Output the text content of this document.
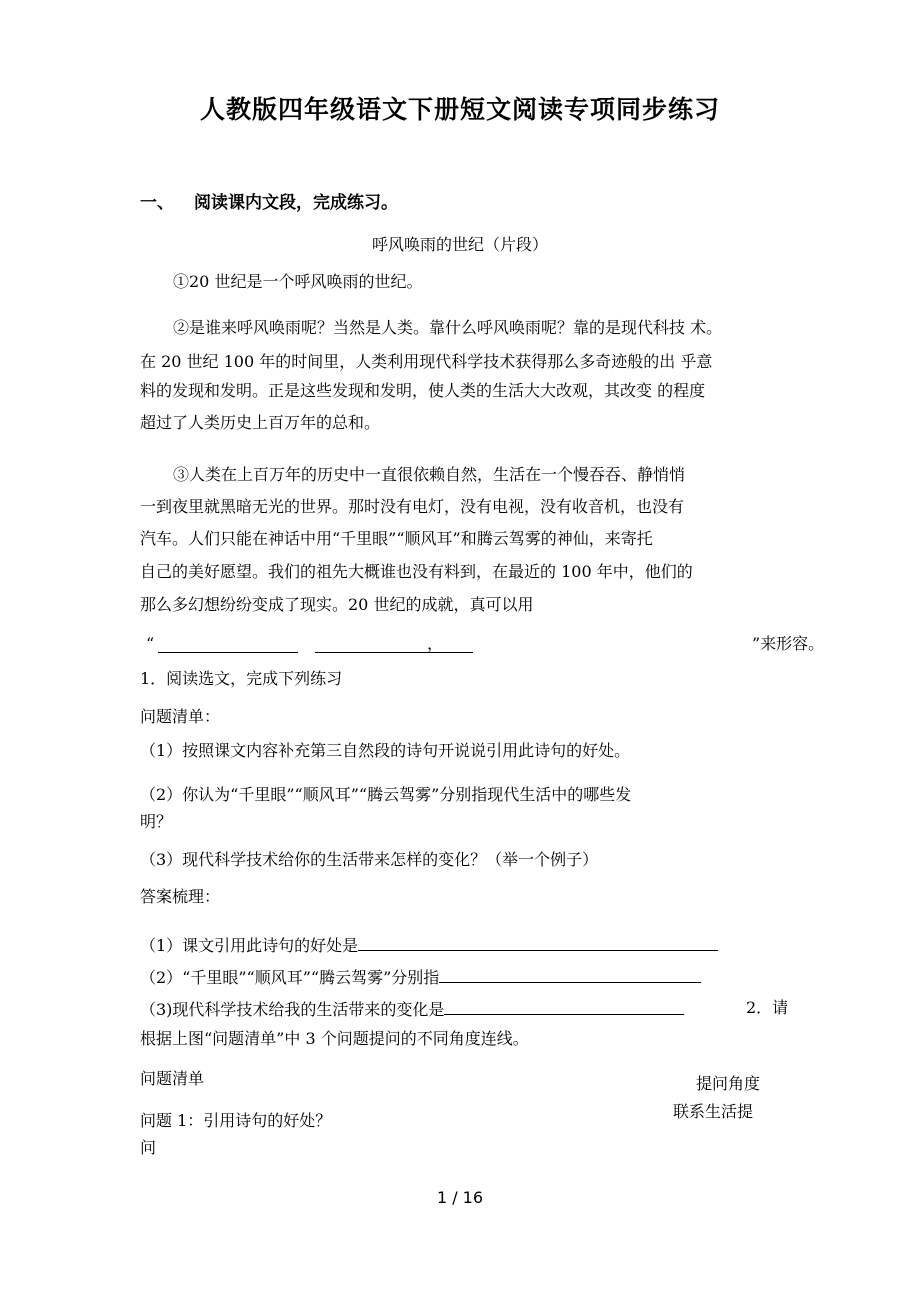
人教版四年级语文下册短文阅读专项同步练习
一、 阅读课内文段，完成练习。
呼风唤雨的世纪（片段）
①20 世纪是一个呼风唤雨的世纪。
②是谁来呼风唤雨呢？当然是人类。靠什么呼风唤雨呢？靠的是现代科技 术。
在 20 世纪 100 年的时间里，人类利用现代科学技术获得那么多奇迹般的出 乎意
料的发现和发明。正是这些发现和发明，使人类的生活大大改观，其改变 的程度
超过了人类历史上百万年的总和。
③人类在上百万年的历史中一直很依赖自然，生活在一个慢吞吞、静悄悄
一到夜里就黑暗无光的世界。那时没有电灯，没有电视，没有收音机，也没有
汽车。人们只能在神话中用“千里眼”“顺风耳”和腾云驾雾的神仙，来寄托
自己的美好愿望。我们的祖先大概谁也没有料到，在最近的 100 年中，他们的
那么多幻想纷纷变成了现实。20 世纪的成就，真可以用
“	，	”来形容。
1．阅读选文，完成下列练习
问题清单：
（1）按照课文内容补充第三自然段的诗句开说说引用此诗句的好处。
（2）你认为“千里眼”“顺风耳”“腾云驾雾”分别指现代生活中的哪些发
明？
（3）现代科学技术给你的生活带来怎样的变化？（举一个例子）
答案梳理：
（1）课文引用此诗句的好处是
（2）“千里眼”“顺风耳”“腾云驾雾”分别指
（3)现代科学技术给我的生活带来的变化是	2．请
根据上图“问题清单”中 3 个问题提问的不同角度连线。
问题清单	提问角度
联系生活提
问题 1：引用诗句的好处？
问
1 / 16
